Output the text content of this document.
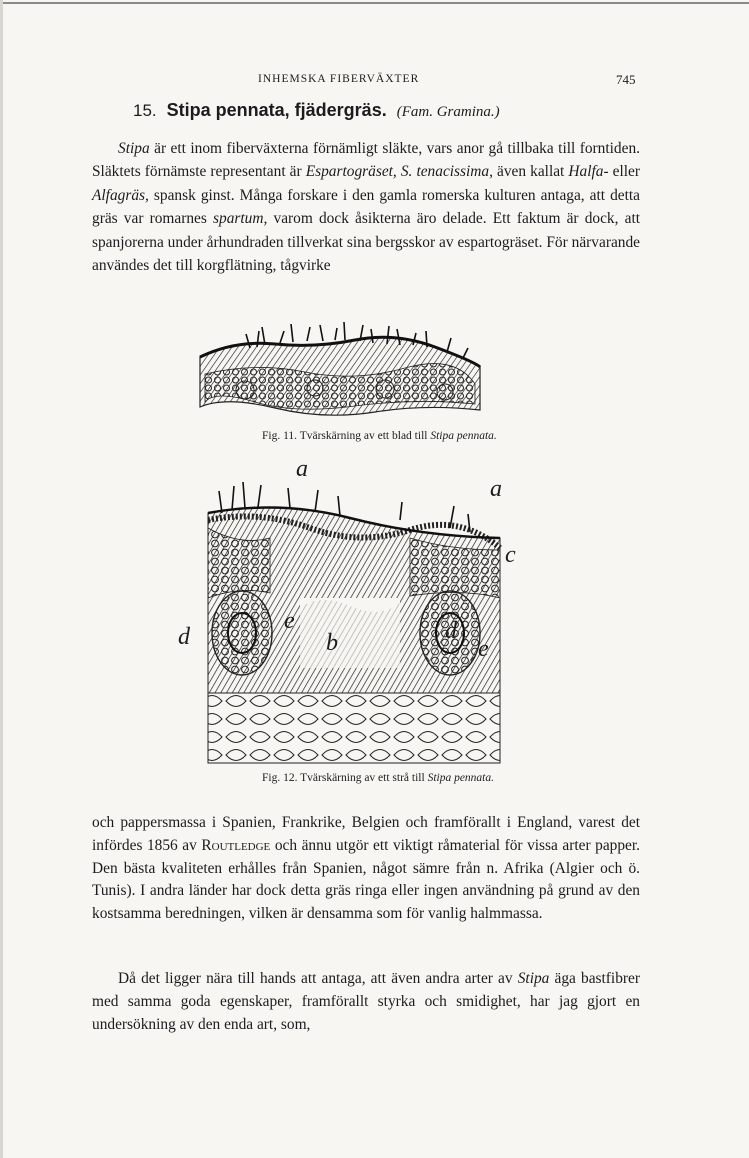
INHEMSKA FIBERVÄXTER	745
15. Stipa pennata, fjädergräs. (Fam. Gramina.)
Stipa är ett inom fiberväxterna förnämligt släkte, vars anor gå tillbaka till forntiden. Släktets förnämste representant är Espartogräset, S. tenacissima, även kallat Halfa- eller Alfagräs, spansk ginst. Många forskare i den gamla romerska kulturen antaga, att detta gräs var romarnes spartum, varom dock åsikterna äro delade. Ett faktum är dock, att spanjorerna under århundraden tillverkat sina bergsskor av espartogräset. För närvarande användes det till korgflätning, tågvirke
Fig. 11. Tvärskärning av ett blad till Stipa pennata.
a
a
b
c
d	d
e
e
Fig. 12. Tvärskärning av ett strå till Stipa pennata.
och pappersmassa i Spanien, Frankrike, Belgien och framförallt i England, varest det infördes 1856 av Routledge och ännu utgör ett viktigt råmaterial för vissa arter papper. Den bästa kvaliteten erhålles från Spanien, något sämre från n. Afrika (Algier och ö. Tunis). I andra länder har dock detta gräs ringa eller ingen användning på grund av den kostsamma beredningen, vilken är densamma som för vanlig halmmassa.
Då det ligger nära till hands att antaga, att även andra arter av Stipa äga bastfibrer med samma goda egenskaper, framförallt styrka och smidighet, har jag gjort en undersökning av den enda art, som,
